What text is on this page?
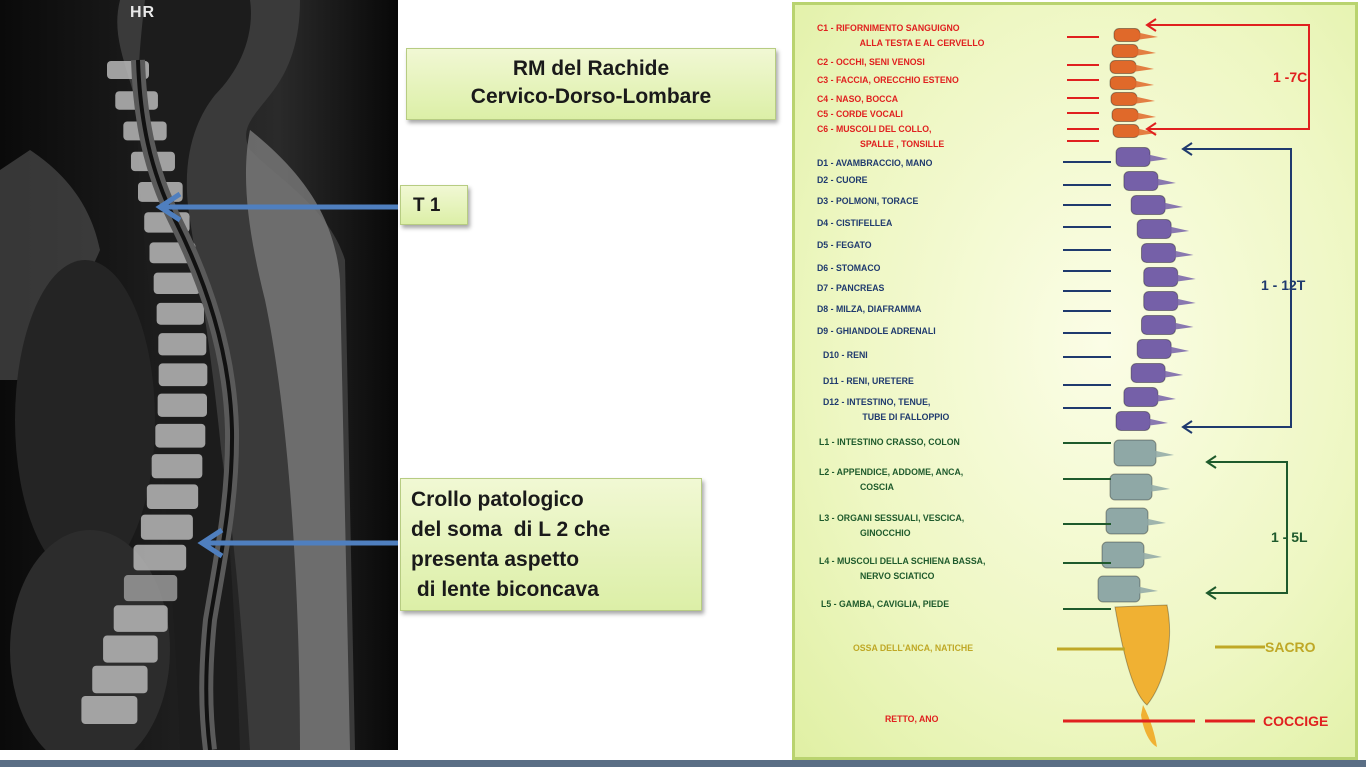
HR
RM del Rachide
Cervico-Dorso-Lombare
T 1
Crollo patologico
del soma  di L 2 che
presenta aspetto
di lente biconcava
C1 - RIFORNIMENTO SANGUIGNO
ALLA TESTA E AL CERVELLO
C2 - OCCHI, SENI VENOSI
C3 - FACCIA, ORECCHIO ESTENO
C4 - NASO, BOCCA
C5 - CORDE VOCALI
C6 - MUSCOLI DEL COLLO,
SPALLE , TONSILLE
D1 - AVAMBRACCIO, MANO
D2 - CUORE
D3 - POLMONI, TORACE
D4 - CISTIFELLEA
D5 - FEGATO
D6 - STOMACO
D7 - PANCREAS
D8 - MILZA, DIAFRAMMA
D9 - GHIANDOLE ADRENALI
D10 - RENI
D11 - RENI, URETERE
D12 - INTESTINO, TENUE,
TUBE DI FALLOPPIO
L1 - INTESTINO CRASSO, COLON
L2 - APPENDICE, ADDOME, ANCA,
COSCIA
L3 - ORGANI SESSUALI, VESCICA,
GINOCCHIO
L4 - MUSCOLI DELLA SCHIENA BASSA,
NERVO SCIATICO
L5 - GAMBA, CAVIGLIA, PIEDE
OSSA DELL'ANCA, NATICHE
RETTO, ANO
1 -7C
1 - 12T
1 - 5L
SACRO
COCCIGE
